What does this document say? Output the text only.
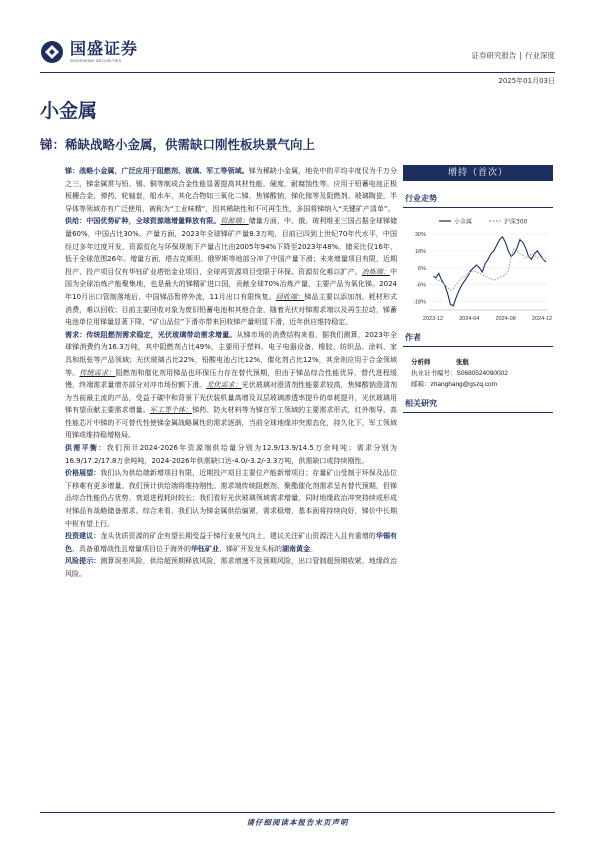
国盛证券
GUOSHENG SECURITIES
证券研究报告 | 行业深度
2025年01月03日
小金属
锑：稀缺战略小金属，供需缺口刚性板块景气向上

锑：战略小金属，广泛应用于阻燃剂、玻璃、军工等领域。锑为稀缺小金属，地壳中的平均丰度仅为千万分之三，锑金属常与铅、锡、铜等制成合金性能显著提高其材性能，硬度，耐腐蚀性等。应用于铅蓄电池正极板栅合金，弹药，轮轴套，船水车，其化合物如三氧化二锑，焦锑酸钠，锑化镓等及阻燃剂、玻璃陶瓷，半导体等领域亦有广泛使用，被称为“工业味精”，因其稀缺性和不可再生性，多国将锑纳入“关键矿产清单”。

供给：中国优势矿种，全球资源端增量释放有限。资源端：储量方面，中、俄、玻利维亚三国占据全球锑储量60%，中国占比30%。产量方面，2023年全球锑矿产量8.3万吨，目前已四到上世纪70年代水平，中国经过多年过度开发，资源贫化与环保规制下产量占比由2005年94%下降至2023年48%。储采比仅16年，低于全球范围26年。增量方面，塔吉克斯坦、俄罗斯等地部分冲了中国产量下滑；未来增量项目有限，近期投产、投产项目仅有华钰矿业塔铝金业项目，全球再资源项目受限于环保、资源贫化难以扩产。冶炼端：中国为全球冶炼产能聚集地，也是最大的锑精矿进口国，贡献全球70%冶炼产量，主要产品为氧化锑。2024年10月出口管制落地后，中国锑品暂停外流，11月出口有限恢复。回收端：锑品主要以添加剂、耗材形式消费，难以回收；目前主要回收对象为废旧铅蓄电池和其他合金，随着光伏对锑需求端以及再生拉动，锑蓄电池单位用锑量显著下降，“矿山品位”下滑亦带来回收锑产量明显下滑，近年供应维持稳定。

需求：传统阻燃剂需求稳定，光伏玻璃带动需求增量。从锑市场的消费结构来看，据我们测算，2023年全球锑消费约为16.3万吨，其中阻燃剂占比49%，主要用于塑料、电子电器设备、橡胶、纺织品、涂料、家具和纸张等产品领域；光伏玻璃占比22%，铅酸电池占比12%，催化剂占比12%，其余则应用于合金领域等。传统需求：阻燃剂和催化剂用锑品也环保压力存在替代预期，但由于锑品综合性能优异，替代进程缓慢，终端需求量增亦部分对冲市场份额下滑。光伏需求：光伏玻璃对澄清剂性能要求较高，焦锑酸钠澄清剂为当前最主流的产品，受益于碳中和背景下光伏装机量高增及双层玻璃渗透率提升的单耗提升，光伏玻璃用锑有望贡献主要需求增量。军工等个体：锑药、防火材料等为锑在军工领域的主要需求形式，红外制导、高性能芯片中锑的不可替代性使锑金属战略属性的需求逐渐，当前全球地缘冲突需态化，持久化下，军工领域用锑或维持稳增格局。

供需平衡：我们预计2024-2026年资源端供给量分别为12.9/13.9/14.5万余吨吨；需求分别为16.9/17.2/17.8万余吨吨，2024-2026年供需缺口达-4.0/-3.2/-3.3万吨，供需缺口或持续刚性。

价格展望：我们认为供给端新增项目有限，近期投产项目主要位产能新增项目；存量矿山受制于环保及品位下移难有更多增量。我们预计供给端将维持刚性。需求端传统阻燃剂、聚酯催化剂需求呈有替代预期，但锑品综合性能仍占优势，衰退进程耗时较长；我们看好光伏玻璃领域需求增量，同时地缘政治冲突持续或形成对锑品有战略储备需求。综合来看，我们认为锑金属供给偏紧，需求稳增，基本面将持续向好，锑价中长期中枢有望上行。

投资建议：龙头优质资源的矿企有望长期受益于锑行业景气向上，建议关注矿山资源注入且有重增的华锡有色、具备重增战性且增量项目位于海外的华钰矿业、锑矿开发龙头标的湖南黄金。

风险提示：测算误差风险，供给超预期释放风险，需求增速不及预期风险，出口管制超预期收紧，地缘政治风险。

增持（首次）
行业走势
小金属	沪深300
30%
18%
6%
-6%
-18%
2023-12	2024-04	2024-08	2024-12
作者
分析师	张航
执业证书编号： S0680524090002
邮箱： zhanghang@gszq.com
相关研究
请仔细阅读本报告末页声明
